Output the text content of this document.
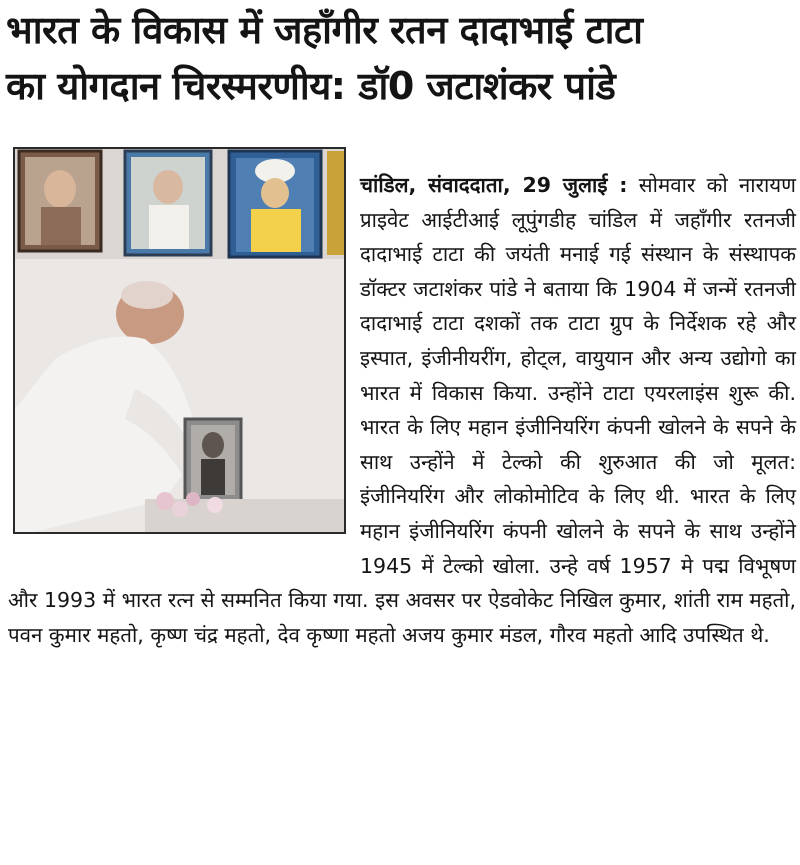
भारत के विकास में जहाँगीर रतन दादाभाई टाटा
का योगदान चिरस्मरणीय: डॉ0 जटाशंकर पांडे
चांडिल, संवाददाता, 29 जुलाई : सोमवार को नारायण प्राइवेट आईटीआई लूपुंगडीह चांडिल में जहाँगीर रतनजी दादाभाई टाटा की जयंती मनाई गई संस्थान के संस्थापक डॉक्टर जटाशंकर पांडे ने बताया कि 1904 में जन्में रतनजी दादाभाई टाटा दशकों तक टाटा ग्रुप के निर्देशक रहे और इस्पात, इंजीनीयरींग, होट्ल, वायुयान और अन्य उद्योगो का भारत में विकास किया. उन्होंने टाटा एयरलाइंस शुरू की. भारत के लिए महान इंजीनियरिंग कंपनी खोलने के सपने के साथ उन्होंने में टेल्को की शुरुआत की जो मूलत: इंजीनियरिंग और लोकोमोटिव के लिए थी. भारत के लिए महान इंजीनियरिंग कंपनी खोलने के सपने के साथ उन्होंने 1945 में टेल्को खोला. उन्हे वर्ष 1957 मे पद्म विभूषण और 1993 में भारत रत्न से सम्मनित किया गया. इस अवसर पर ऐडवोकेट निखिल कुमार, शांती राम महतो, पवन कुमार महतो, कृष्ण चंद्र महतो, देव कृष्णा महतो अजय कुमार मंडल, गौरव महतो आदि उपस्थित थे.
